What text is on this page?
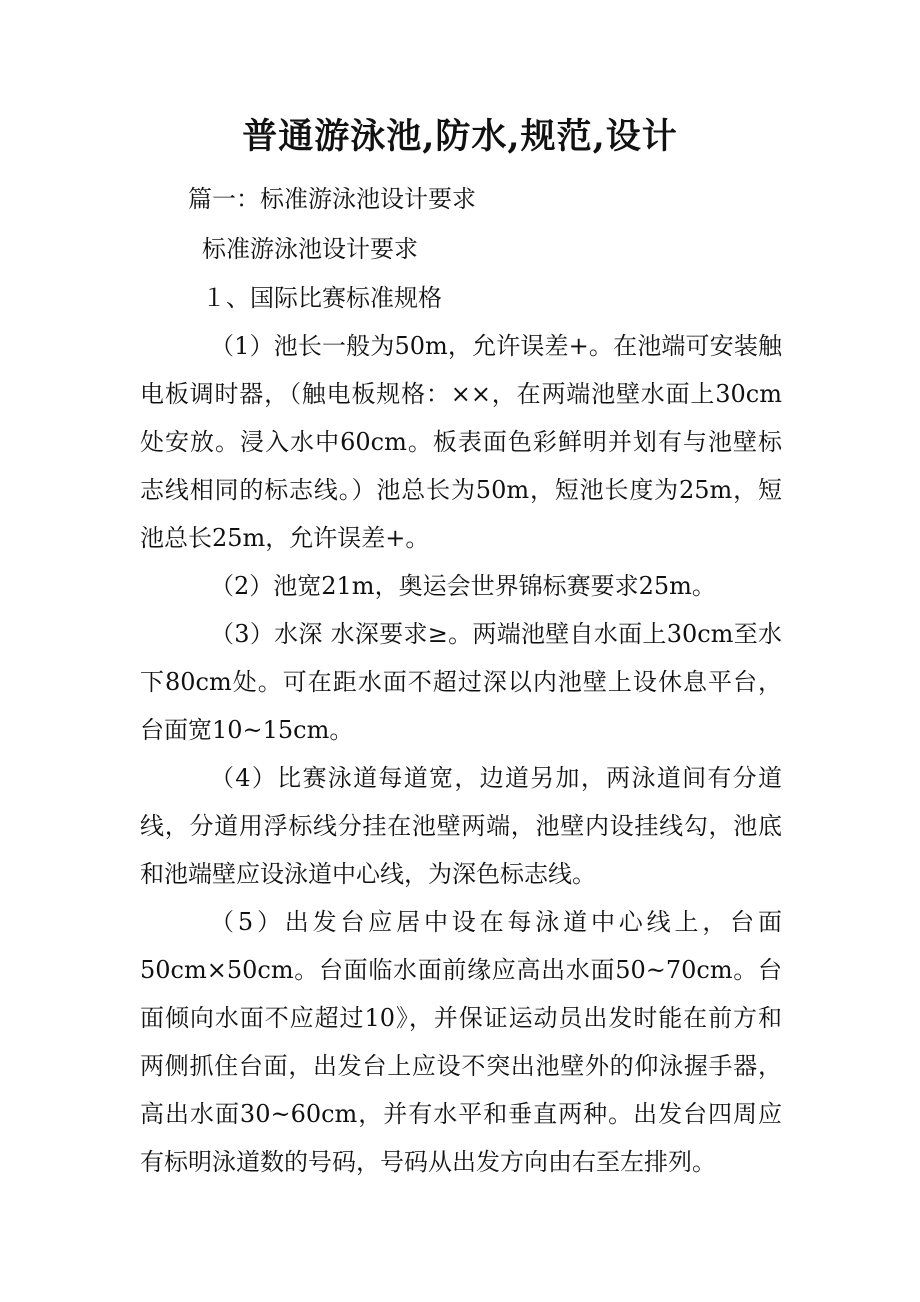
普通游泳池,防水,规范,设计
篇一：标准游泳池设计要求
标准游泳池设计要求
１、国际比赛标准规格

（1）池长一般为50m，允许误差+。在池端可安装触电板调时器，（触电板规格：××，在两端池壁水面上30cm处安放。浸入水中60cm。板表面色彩鲜明并划有与池壁标志线相同的标志线。）池总长为50m，短池长度为25m，短池总长25m，允许误差+。

（2）池宽21m，奥运会世界锦标赛要求25m。

（3）水深 水深要求≥。两端池壁自水面上30cm至水下80cm处。可在距水面不超过深以内池壁上设休息平台，台面宽10~15cm。

（4）比赛泳道每道宽，边道另加，两泳道间有分道线，分道用浮标线分挂在池壁两端，池壁内设挂线勾，池底和池端壁应设泳道中心线，为深色标志线。

（5）出发台应居中设在每泳道中心线上，台面50cm×50cm。台面临水面前缘应高出水面50~70cm。台面倾向水面不应超过10》，并保证运动员出发时能在前方和两侧抓住台面，出发台上应设不突出池壁外的仰泳握手器，高出水面30~60cm，并有水平和垂直两种。出发台四周应有标明泳道数的号码，号码从出发方向由右至左排列。
